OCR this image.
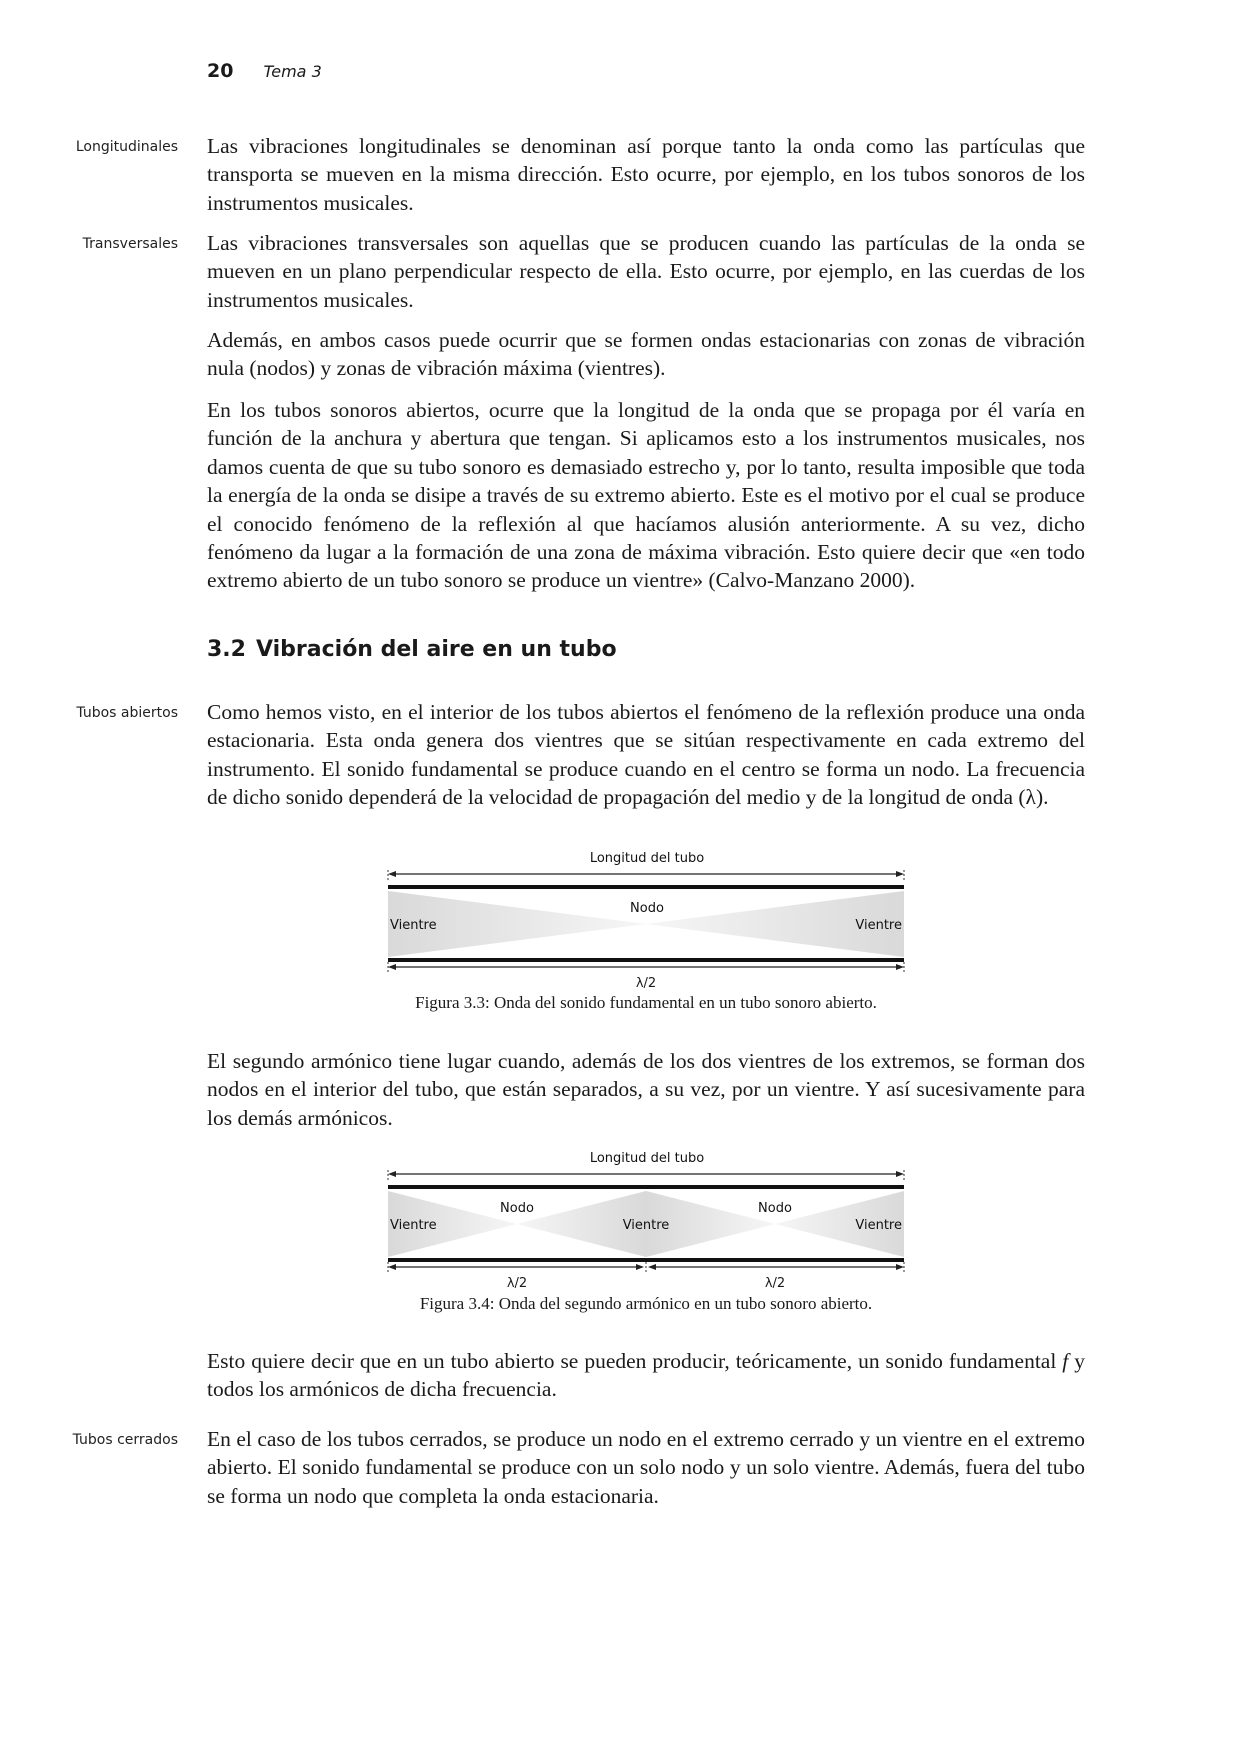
20 Tema 3
Longitudinales
Transversales
Tubos abiertos
Tubos cerrados

Las vibraciones longitudinales se denominan así porque tanto la onda como las partículas que transporta se mueven en la misma dirección. Esto ocurre, por ejemplo, en los tubos sonoros de los instrumentos musicales.

Las vibraciones transversales son aquellas que se producen cuando las partículas de la onda se mueven en un plano perpendicular respecto de ella. Esto ocurre, por ejemplo, en las cuerdas de los instrumentos musicales.

Además, en ambos casos puede ocurrir que se formen ondas estacionarias con zonas de vibración nula (nodos) y zonas de vibración máxima (vientres).

En los tubos sonoros abiertos, ocurre que la longitud de la onda que se propaga por él varía en función de la anchura y abertura que tengan. Si aplicamos esto a los instrumentos musicales, nos damos cuenta de que su tubo sonoro es demasiado estrecho y, por lo tanto, resulta imposible que toda la energía de la onda se disipe a través de su extremo abierto. Este es el motivo por el cual se produce el conocido fenómeno de la reflexión al que hacíamos alusión anteriormente. A su vez, dicho fenómeno da lugar a la formación de una zona de máxima vibración. Esto quiere decir que «en todo extremo abierto de un tubo sonoro se produce un vientre» (Calvo-Manzano 2000).

3.2 Vibración del aire en un tubo

Como hemos visto, en el interior de los tubos abiertos el fenómeno de la reflexión produce una onda estacionaria. Esta onda genera dos vientres que se sitúan respectivamente en cada extremo del instrumento. El sonido fundamental se produce cuando en el centro se forma un nodo. La frecuencia de dicho sonido dependerá de la velocidad de propagación del medio y de la longitud de onda (λ).

Longitud del tubo
Vientre
Nodo
Vientre
λ/2
Figura 3.3: Onda del sonido fundamental en un tubo sonoro abierto.

El segundo armónico tiene lugar cuando, además de los dos vientres de los extremos, se forman dos nodos en el interior del tubo, que están separados, a su vez, por un vientre. Y así sucesivamente para los demás armónicos.

Longitud del tubo
Vientre
Nodo
Vientre
Nodo
Vientre
λ/2	λ/2
Figura 3.4: Onda del segundo armónico en un tubo sonoro abierto.

Esto quiere decir que en un tubo abierto se pueden producir, teóricamente, un sonido fundamental f y todos los armónicos de dicha frecuencia.

En el caso de los tubos cerrados, se produce un nodo en el extremo cerrado y un vientre en el extremo abierto. El sonido fundamental se produce con un solo nodo y un solo vientre. Además, fuera del tubo se forma un nodo que completa la onda estacionaria.
